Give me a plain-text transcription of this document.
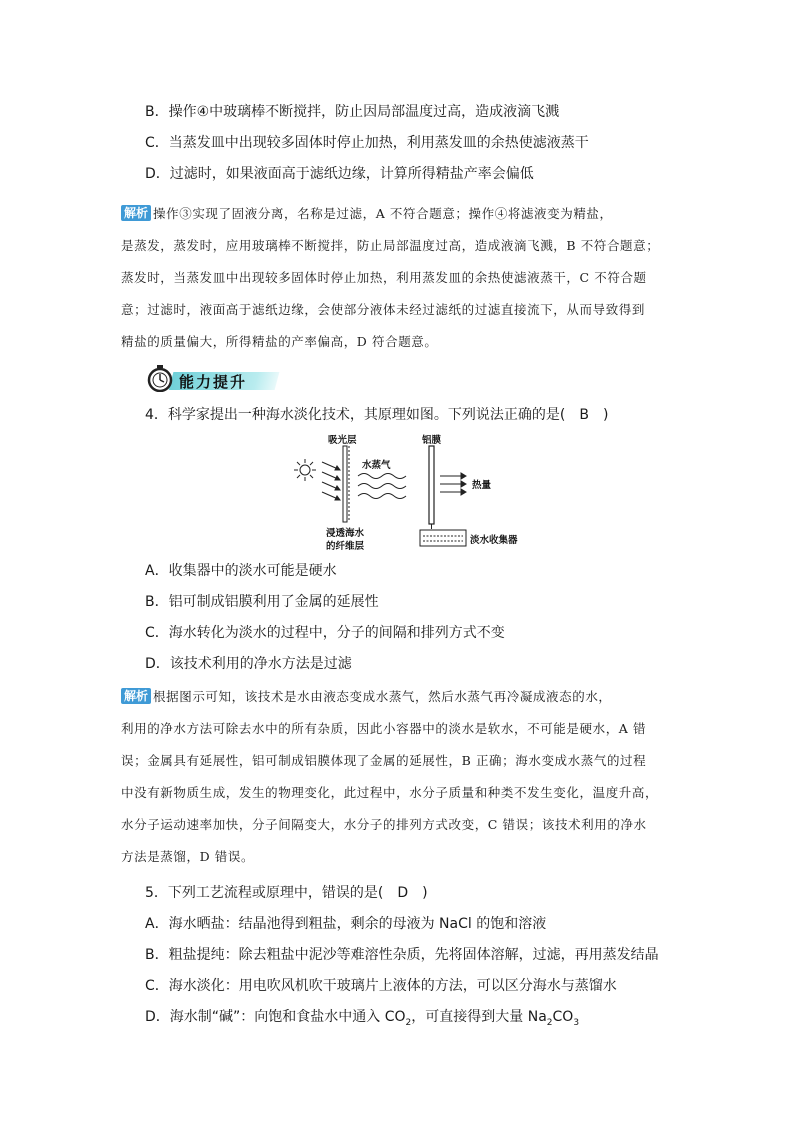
B．操作④中玻璃棒不断搅拌，防止因局部温度过高，造成液滴飞溅
C．当蒸发皿中出现较多固体时停止加热，利用蒸发皿的余热使滤液蒸干
D．过滤时，如果液面高于滤纸边缘，计算所得精盐产率会偏低
解析 操作③实现了固液分离，名称是过滤，A 不符合题意；操作④将滤液变为精盐，
是蒸发，蒸发时，应用玻璃棒不断搅拌，防止局部温度过高，造成液滴飞溅，B 不符合题意；
蒸发时，当蒸发皿中出现较多固体时停止加热，利用蒸发皿的余热使滤液蒸干，C 不符合题
意；过滤时，液面高于滤纸边缘，会使部分液体未经过滤纸的过滤直接流下，从而导致得到
精盐的质量偏大，所得精盐的产率偏高，D 符合题意。
能力提升
4．科学家提出一种海水淡化技术，其原理如图。下列说法正确的是(　B　)
吸光层
水蒸气
铝膜
热量
浸透海水
的纤维层
淡水收集器
A．收集器中的淡水可能是硬水
B．铝可制成铝膜利用了金属的延展性
C．海水转化为淡水的过程中，分子的间隔和排列方式不变
D．该技术利用的净水方法是过滤
解析 根据图示可知，该技术是水由液态变成水蒸气，然后水蒸气再冷凝成液态的水，
利用的净水方法可除去水中的所有杂质，因此小容器中的淡水是软水，不可能是硬水，A 错
误；金属具有延展性，铝可制成铝膜体现了金属的延展性，B 正确；海水变成水蒸气的过程
中没有新物质生成，发生的物理变化，此过程中，水分子质量和种类不发生变化，温度升高，
水分子运动速率加快，分子间隔变大，水分子的排列方式改变，C 错误；该技术利用的净水
方法是蒸馏，D 错误。
5．下列工艺流程或原理中，错误的是(　D　)
A．海水晒盐：结晶池得到粗盐，剩余的母液为 NaCl 的饱和溶液
B．粗盐提纯：除去粗盐中泥沙等难溶性杂质，先将固体溶解，过滤，再用蒸发结晶
C．海水淡化：用电吹风机吹干玻璃片上液体的方法，可以区分海水与蒸馏水
D．海水制“碱”：向饱和食盐水中通入 $CO_2$，可直接得到大量 $Na_2CO_3$
